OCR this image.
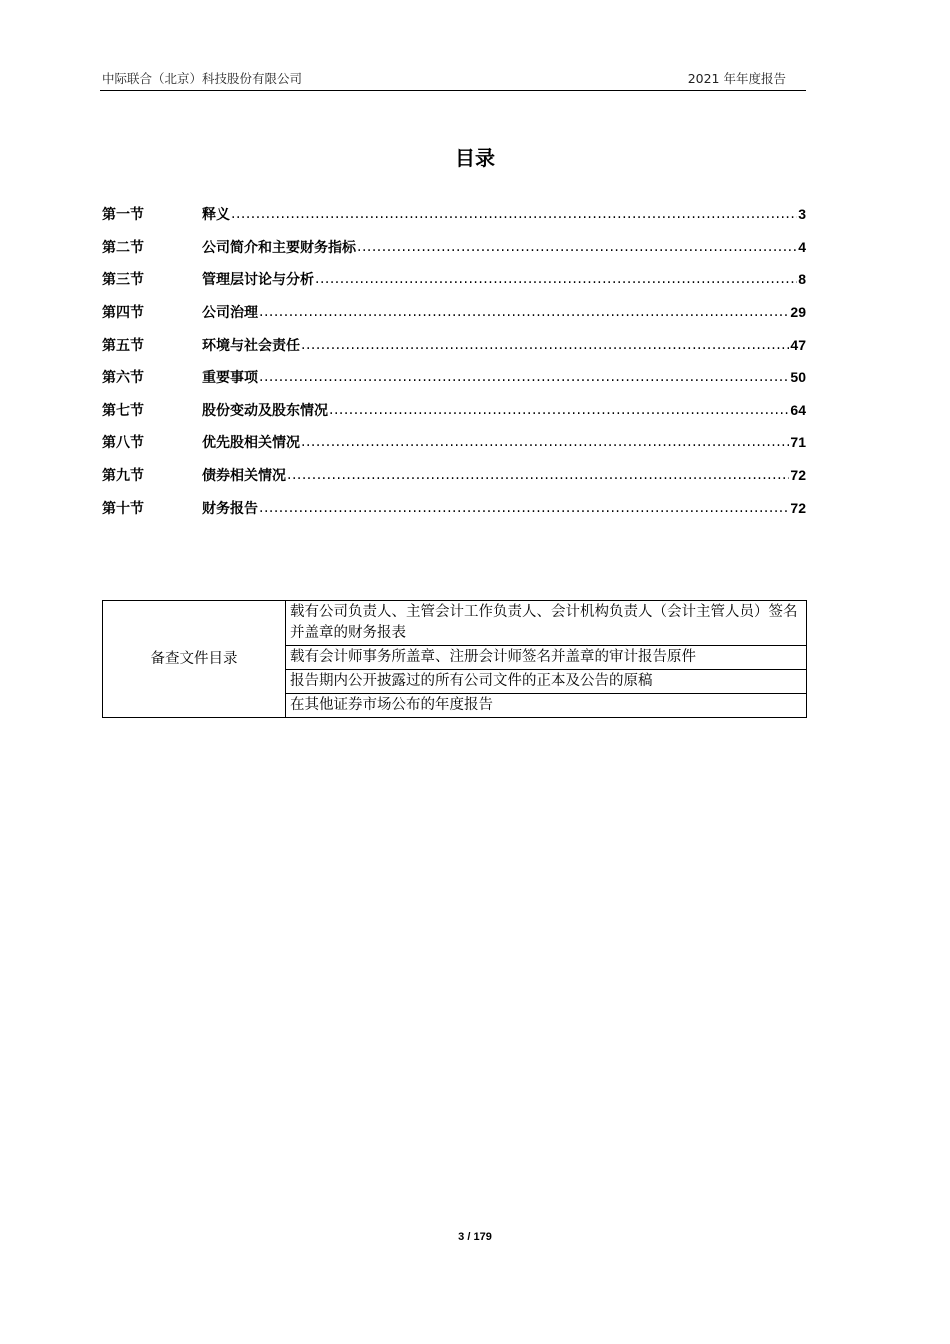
中际联合（北京）科技股份有限公司	2021 年年度报告
目录
第一节	释义 .....	3
第二节	公司简介和主要财务指标 .....	4
第三节	管理层讨论与分析 .....	8
第四节	公司治理 .....	29
第五节	环境与社会责任 .....	47
第六节	重要事项 .....	50
第七节	股份变动及股东情况 .....	64
第八节	优先股相关情况 .....	71
第九节	债券相关情况 .....	72
第十节	财务报告 .....	72
备查文件目录	载有公司负责人、主管会计工作负责人、会计机构负责人（会计主管人员）签名并盖章的财务报表
载有会计师事务所盖章、注册会计师签名并盖章的审计报告原件
报告期内公开披露过的所有公司文件的正本及公告的原稿
在其他证券市场公布的年度报告
3 / 179
